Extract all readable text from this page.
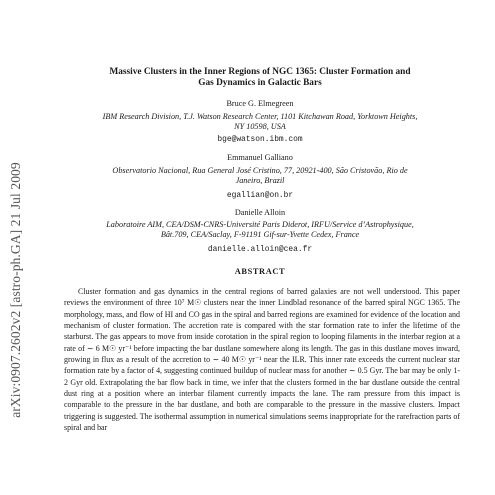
arXiv:0907.2602v2 [astro-ph.GA] 21 Jul 2009
Massive Clusters in the Inner Regions of NGC 1365: Cluster Formation and
Gas Dynamics in Galactic Bars
Bruce G. Elmegreen
IBM Research Division, T.J. Watson Research Center, 1101 Kitchawan Road, Yorktown Heights,
NY 10598, USA
bge@watson.ibm.com
Emmanuel Galliano
Observatorio Nacional, Rua General José Cristino, 77, 20921-400, São Cristovão, Rio de
Janeiro, Brazil
egallian@on.br
Danielle Alloin
Laboratoire AIM, CEA/DSM-CNRS-Université Paris Diderot, IRFU/Service d’Astrophysique,
Bât.709, CEA/Saclay, F-91191 Gif-sur-Yvette Cedex, France
danielle.alloin@cea.fr
ABSTRACT

Cluster formation and gas dynamics in the central regions of barred galaxies are not well understood. This paper reviews the environment of three 10⁷ M☉ clusters near the inner Lindblad resonance of the barred spiral NGC 1365. The morphology, mass, and flow of HI and CO gas in the spiral and barred regions are examined for evidence of the location and mechanism of cluster formation. The accretion rate is compared with the star formation rate to infer the lifetime of the starburst. The gas appears to move from inside corotation in the spiral region to looping filaments in the interbar region at a rate of ∼ 6 M☉ yr⁻¹ before impacting the bar dustlane somewhere along its length. The gas in this dustlane moves inward, growing in flux as a result of the accretion to ∼ 40 M☉ yr⁻¹ near the ILR. This inner rate exceeds the current nuclear star formation rate by a factor of 4, suggesting continued buildup of nuclear mass for another ∼ 0.5 Gyr. The bar may be only 1-2 Gyr old. Extrapolating the bar flow back in time, we infer that the clusters formed in the bar dustlane outside the central dust ring at a position where an interbar filament currently impacts the lane. The ram pressure from this impact is comparable to the pressure in the bar dustlane, and both are comparable to the pressure in the massive clusters. Impact triggering is suggested. The isothermal assumption in numerical simulations seems inappropriate for the rarefraction parts of spiral and bar
